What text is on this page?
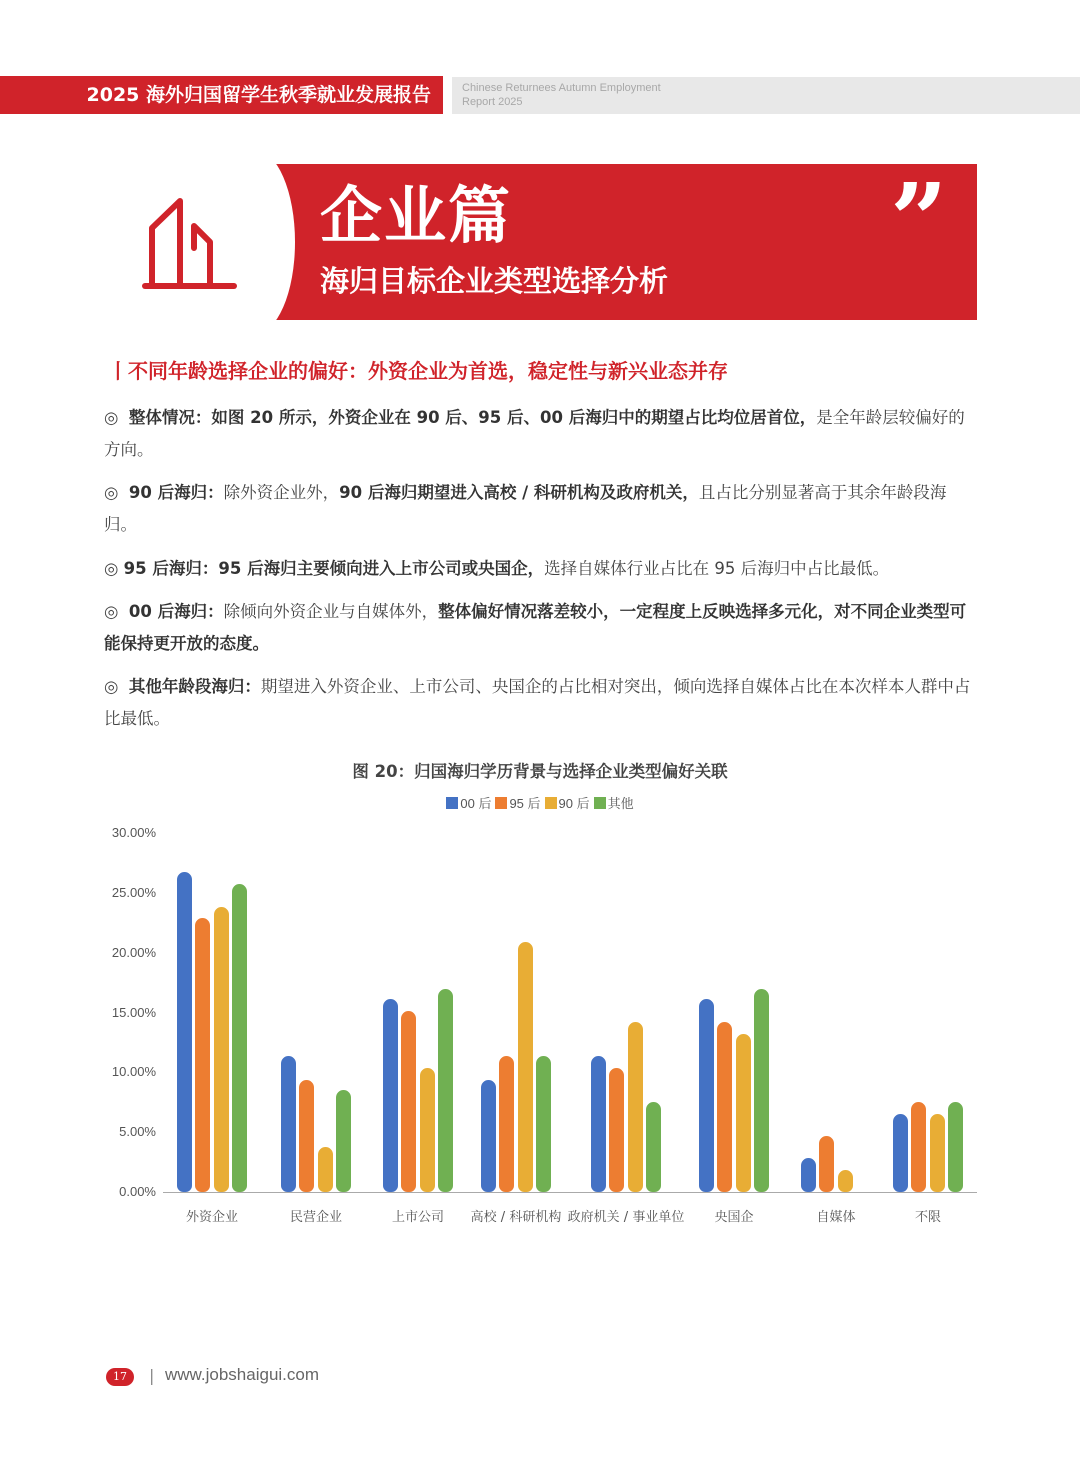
2025 海外归国留学生秋季就业发展报告	Chinese Returnees Autumn Employment
Report 2025
企业篇
海归目标企业类型选择分析
”
丨不同年龄选择企业的偏好：外资企业为首选，稳定性与新兴业态并存
◎ 整体情况：如图 20 所示，外资企业在 90 后、95 后、00 后海归中的期望占比均位居首位，是全年龄层较偏好的方向。
◎ 90 后海归：除外资企业外，90 后海归期望进入高校 / 科研机构及政府机关，且占比分别显著高于其余年龄段海归。
◎ 95 后海归：95 后海归主要倾向进入上市公司或央国企，选择自媒体行业占比在 95 后海归中占比最低。
◎ 00 后海归：除倾向外资企业与自媒体外，整体偏好情况落差较小，一定程度上反映选择多元化，对不同企业类型可能保持更开放的态度。
◎ 其他年龄段海归：期望进入外资企业、上市公司、央国企的占比相对突出，倾向选择自媒体占比在本次样本人群中占比最低。
图 20：归国海归学历背景与选择企业类型偏好关联
00 后 95 后 90 后 其他
30.00%
25.00%
20.00%
15.00%
10.00%
5.00%
0.00%
外资企业	民营企业	上市公司	高校 / 科研机构 政府机关 / 事业单位	央国企	自媒体	不限
17	| www.jobshaigui.com
